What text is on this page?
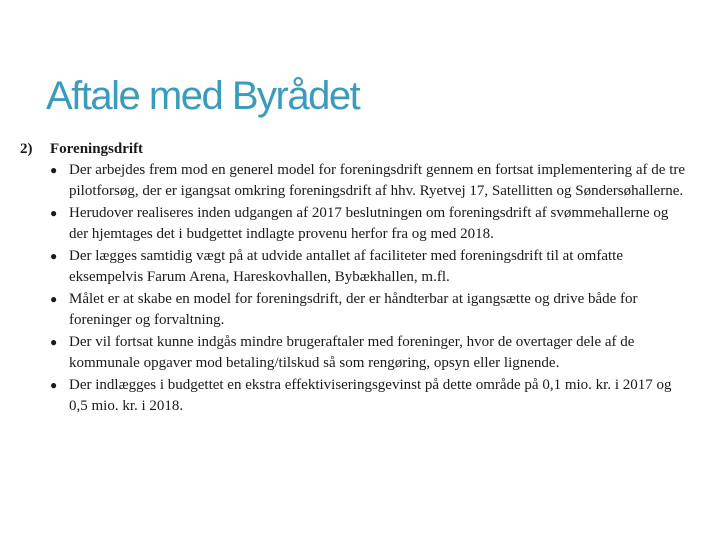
Aftale med Byrådet
2)	Foreningsdrift
● Der arbejdes frem mod en generel model for foreningsdrift gennem en fortsat implementering af de tre pilotforsøg, der er igangsat omkring foreningsdrift af hhv. Ryetvej 17, Satellitten og Søndersøhallerne.
● Herudover realiseres inden udgangen af 2017 beslutningen om foreningsdrift af svømmehallerne og der hjemtages det i budgettet indlagte provenu herfor fra og med 2018.
● Der lægges samtidig vægt på at udvide antallet af faciliteter med foreningsdrift til at omfatte eksempelvis Farum Arena, Hareskovhallen, Bybækhallen, m.fl.
● Målet er at skabe en model for foreningsdrift, der er håndterbar at igangsætte og drive både for foreninger og forvaltning.
● Der vil fortsat kunne indgås mindre brugeraftaler med foreninger, hvor de overtager dele af de kommunale opgaver mod betaling/tilskud så som rengøring, opsyn eller lignende.
● Der indlægges i budgettet en ekstra effektiviseringsgevinst på dette område på 0,1 mio. kr. i 2017 og 0,5 mio. kr. i 2018.
